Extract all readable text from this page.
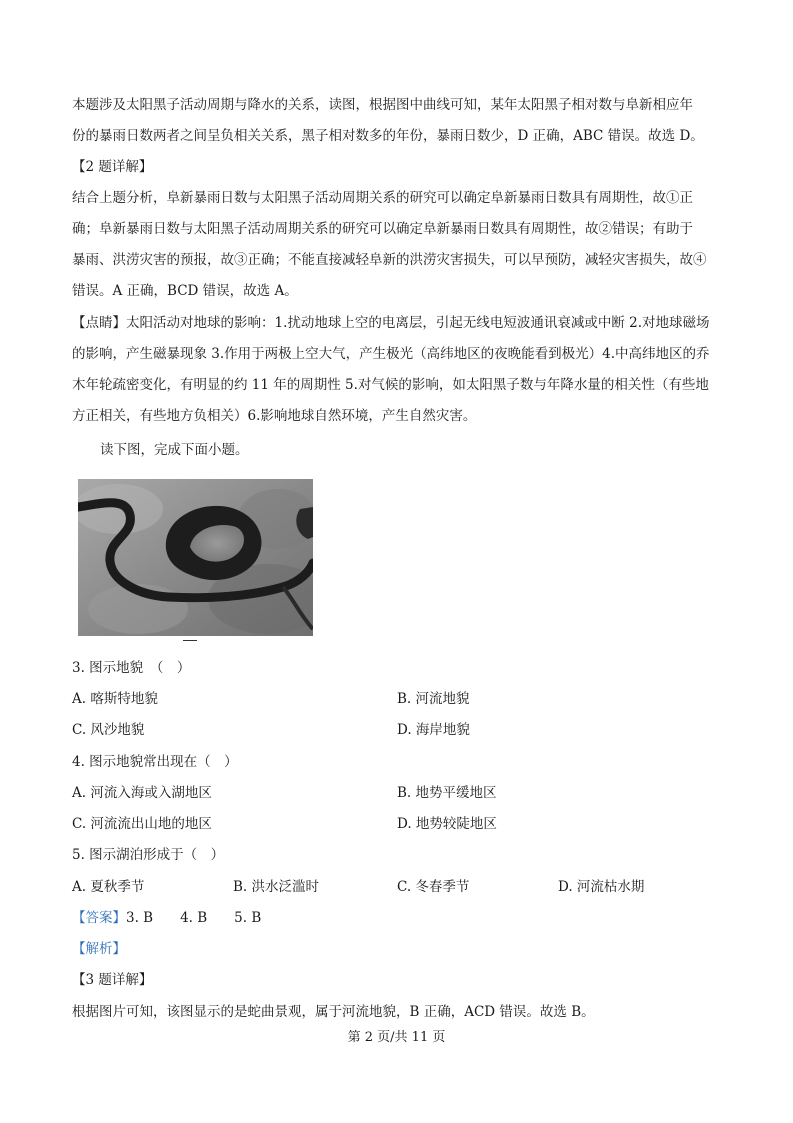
本题涉及太阳黑子活动周期与降水的关系，读图，根据图中曲线可知，某年太阳黑子相对数与阜新相应年
份的暴雨日数两者之间呈负相关关系，黑子相对数多的年份，暴雨日数少，D 正确，ABC 错误。故选 D。
【2 题详解】
结合上题分析，阜新暴雨日数与太阳黑子活动周期关系的研究可以确定阜新暴雨日数具有周期性，故①正
确；阜新暴雨日数与太阳黑子活动周期关系的研究可以确定阜新暴雨日数具有周期性，故②错误；有助于
暴雨、洪涝灾害的预报，故③正确；不能直接减轻阜新的洪涝灾害损失，可以早预防，减轻灾害损失，故④
错误。A 正确，BCD 错误，故选 A。
【点睛】太阳活动对地球的影响：1.扰动地球上空的电离层，引起无线电短波通讯衰减或中断 2.对地球磁场
的影响，产生磁暴现象 3.作用于两极上空大气，产生极光（高纬地区的夜晚能看到极光）4.中高纬地区的乔
木年轮疏密变化，有明显的约 11 年的周期性 5.对气候的影响，如太阳黑子数与年降水量的相关性（有些地
方正相关，有些地方负相关）6.影响地球自然环境，产生自然灾害。
读下图，完成下面小题。
3. 图示地貌　（　）
A. 喀斯特地貌	B. 河流地貌
C. 风沙地貌	D. 海岸地貌
4. 图示地貌常出现在（　）
A. 河流入海或入湖地区	B. 地势平缓地区
C. 河流流出山地的地区	D. 地势较陡地区
5. 图示湖泊形成于（　）
A. 夏秋季节	B. 洪水泛滥时	C. 冬春季节	D. 河流枯水期
【答案】3. B　　4. B　　5. B
【解析】
【3 题详解】
根据图片可知，该图显示的是蛇曲景观，属于河流地貌，B 正确，ACD 错误。故选 B。
第 2 页/共 11 页
